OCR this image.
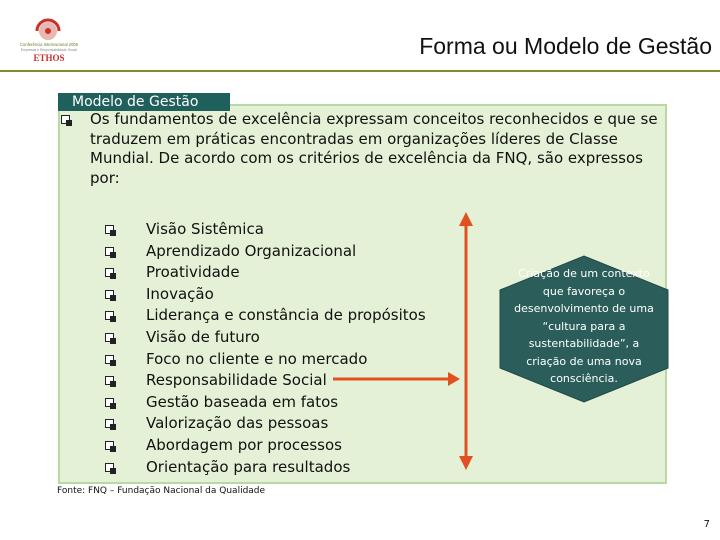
Conferência Internacional 2006
Empresas e Responsabilidade Social
ETHOS	Forma ou Modelo de Gestão
Modelo de Gestão
Os fundamentos de excelência expressam conceitos reconhecidos e que se traduzem em práticas encontradas em organizações líderes de Classe Mundial. De acordo com os critérios de excelência da FNQ, são expressos por:
Visão Sistêmica
Aprendizado Organizacional
Proatividade
Inovação
Liderança e constância de propósitos
Visão de futuro
Foco no cliente e no mercado
Responsabilidade Social
Gestão baseada em fatos
Valorização das pessoas
Abordagem por processos
Orientação para resultados
Criação de um contexto que favoreça o desenvolvimento de uma “cultura para a sustentabilidade”, a criação de uma nova consciência.
Fonte: FNQ – Fundação Nacional da Qualidade
7
